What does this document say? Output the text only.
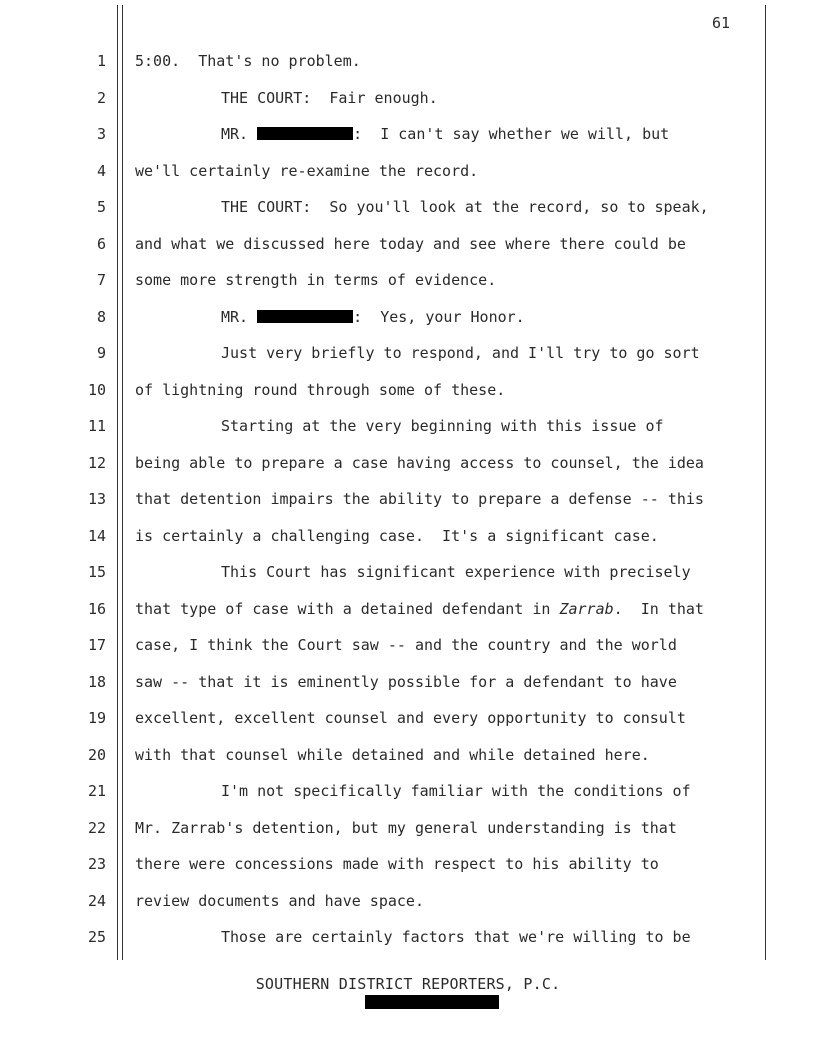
61
1 5:00.  That's no problem.
2	THE COURT:  Fair enough.
3	MR.	:  I can't say whether we will, but
4 we'll certainly re-examine the record.
5	THE COURT:  So you'll look at the record, so to speak,
6 and what we discussed here today and see where there could be
7 some more strength in terms of evidence.
8	MR.	:  Yes, your Honor.
9	Just very briefly to respond, and I'll try to go sort
10 of lightning round through some of these.
11	Starting at the very beginning with this issue of
12 being able to prepare a case having access to counsel, the idea
13 that detention impairs the ability to prepare a defense -- this
14 is certainly a challenging case.  It's a significant case.
15	This Court has significant experience with precisely
16 that type of case with a detained defendant in Zarrab.  In that
17 case, I think the Court saw -- and the country and the world
18 saw -- that it is eminently possible for a defendant to have
19 excellent, excellent counsel and every opportunity to consult
20 with that counsel while detained and while detained here.
21	I'm not specifically familiar with the conditions of
22 Mr. Zarrab's detention, but my general understanding is that
23 there were concessions made with respect to his ability to
24 review documents and have space.
25	Those are certainly factors that we're willing to be
SOUTHERN DISTRICT REPORTERS, P.C.
